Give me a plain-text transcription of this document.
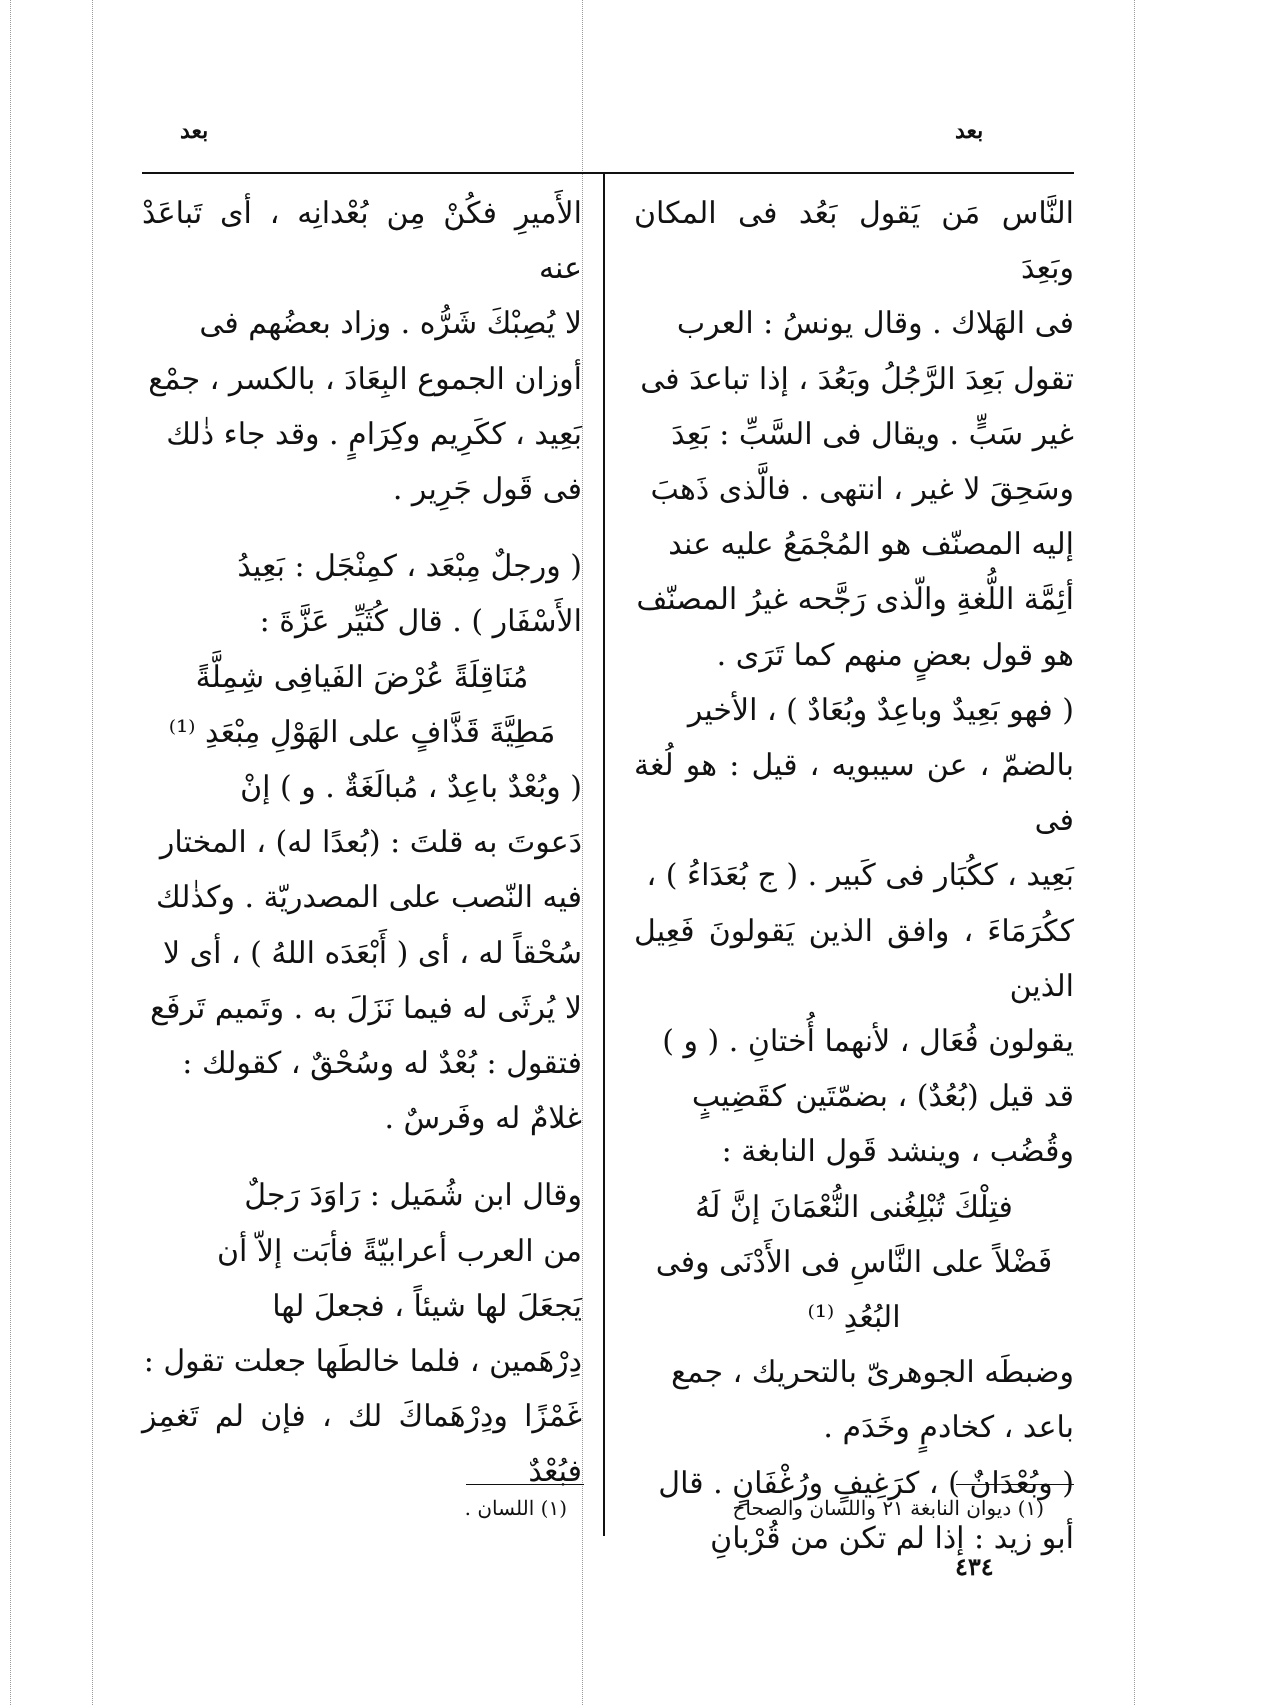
بعد	بعد

النَّاس مَن يَقول بَعُد فى المكان وبَعِدَ

فى الهَلاك . وقال يونسُ : العرب

تقول بَعِدَ الرَّجُلُ وبَعُدَ ، إذا تباعدَ فى

غير سَبٍّ . ويقال فى السَّبِّ : بَعِدَ

وسَحِقَ لا غير ، انتهى . فالَّذى ذَهبَ

إليه المصنّف هو المُجْمَعُ عليه عند

أئِمَّة اللُّغةِ والّذى رَجَّحه غيرُ المصنّف

هو قول بعضٍ منهم كما تَرَى .

( فهو بَعِيدٌ وباعِدٌ وبُعَادٌ ) ، الأخير

بالضمّ ، عن سيبويه ، قيل : هو لُغة فى

بَعِيد ، ككُبَار فى كَبير . ( ج بُعَدَاءُ ) ،

ككُرَمَاءَ ، وافق الذين يَقولونَ فَعِيل الذين

يقولون فُعَال ، لأنهما أُختانِ . ( و )

قد قيل (بُعُدٌ) ، بضمّتَين كقَضِيبٍ

وقُضُب ، وينشد قَول النابغة :

فتِلْكَ تُبْلِغُنى النُّعْمَانَ إنَّ لَهُ

فَضْلاً على النَّاسِ فى الأَدْنَى وفى البُعُدِ ⁽¹⁾

وضبطَه الجوهرىّ بالتحريك ، جمع

باعد ، كخادمٍ وخَدَم .

( وبُعْدَانٌ ) ، كرَغِيفٍ ورُغْفَانٍ . قال

أبو زيد : إذا لم تكن من قُرْبانِ

الأَميرِ فكُنْ مِن بُعْدانِه ، أى تَباعَدْ عنه

لا يُصِبْكَ شَرُّه . وزاد بعضُهم فى

أوزان الجموع البِعَادَ ، بالكسر ، جمْع

بَعِيد ، ككَرِيم وكِرَامٍ . وقد جاء ذٰلك

فى قَول جَرِير .

( ورجلٌ مِبْعَد ، كمِنْجَل : بَعِيدُ

الأَسْفَار ) . قال كُثَيِّر عَزَّةَ :

مُنَاقِلَةً عُرْضَ الفَيافِى شِمِلَّةً

مَطِيَّةَ قَذَّافٍ على الهَوْلِ مِبْعَدِ ⁽¹⁾

( وبُعْدٌ باعِدٌ ، مُبالَغَةٌ . و ) إنْ

دَعوتَ به قلتَ : (بُعدًا له) ، المختار

فيه النّصب على المصدريّة . وكذٰلك

سُحْقاً له ، أى ( أَبْعَدَه اللهُ ) ، أى لا

لا يُرثَى له فيما نَزَلَ به . وتَميم تَرفَع

فتقول : بُعْدٌ له وسُحْقٌ ، كقولك :

غلامٌ له وفَرسٌ .

وقال ابن شُمَيل : رَاوَدَ رَجلٌ

من العرب أعرابيّةً فأبَت إلاّ أن

يَجعَلَ لها شيئاً ، فجعلَ لها

دِرْهَمين ، فلما خالطَها جعلت تقول :

غَمْزًا ودِرْهَماكَ لك ، فإن لم تَغمِز فبُعْدٌ

(١) ديوان النابغة ٢١ واللسان والصحاح
(١) اللسان .
٤٣٤
